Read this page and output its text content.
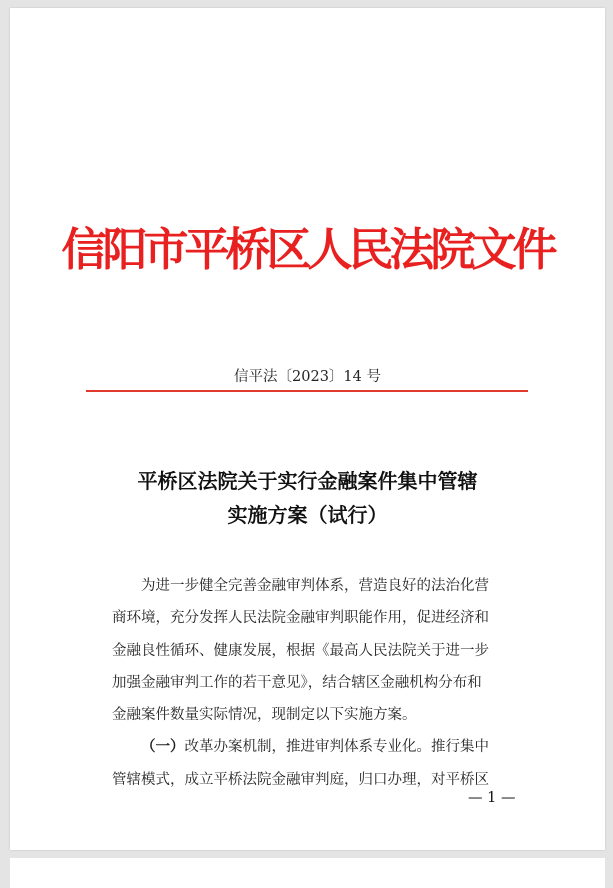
信阳市平桥区人民法院文件
信平法〔2023〕14 号
平桥区法院关于实行金融案件集中管辖
实施方案（试行）
为进一步健全完善金融审判体系，营造良好的法治化营
商环境，充分发挥人民法院金融审判职能作用，促进经济和
金融良性循环、健康发展，根据《最高人民法院关于进一步
加强金融审判工作的若干意见》，结合辖区金融机构分布和
金融案件数量实际情况，现制定以下实施方案。
（一）改革办案机制，推进审判体系专业化。推行集中
管辖模式，成立平桥法院金融审判庭，归口办理，对平桥区
— 1 —
